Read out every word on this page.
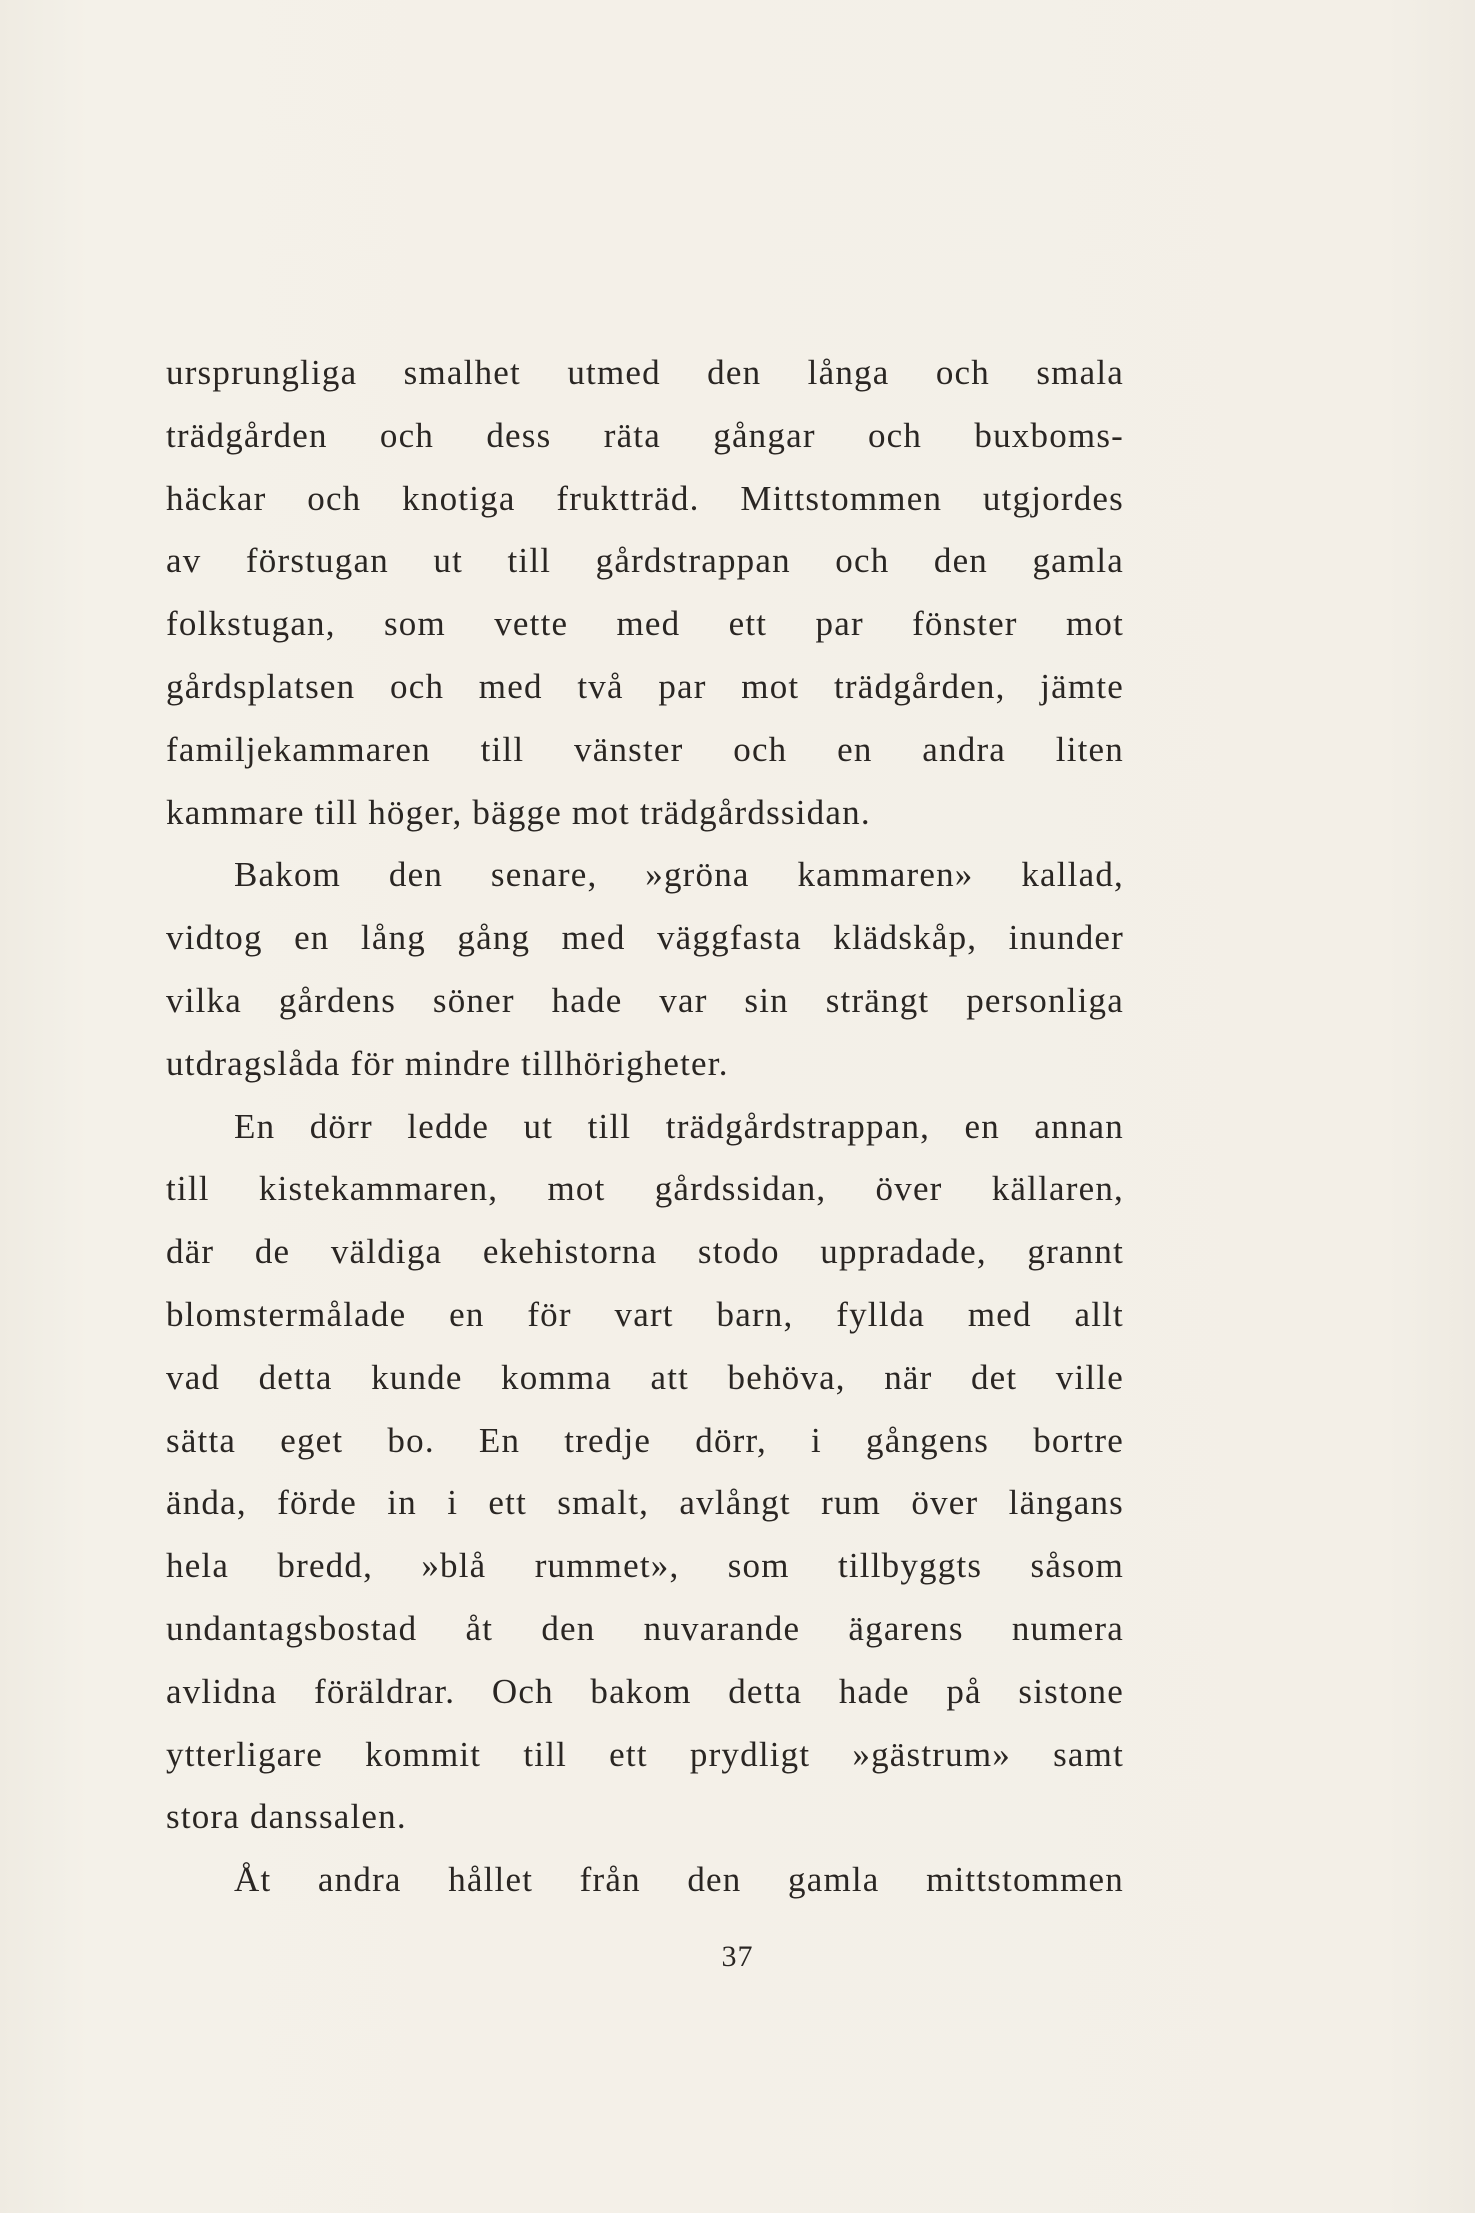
ursprungliga smalhet utmed den långa och smala
trädgården och dess räta gångar och buxboms-
häckar och knotiga fruktträd. Mittstommen utgjordes
av förstugan ut till gårdstrappan och den gamla
folkstugan, som vette med ett par fönster mot
gårdsplatsen och med två par mot trädgården, jämte
familjekammaren till vänster och en andra liten
kammare till höger, bägge mot trädgårdssidan.

Bakom den senare, »gröna kammaren» kallad,
vidtog en lång gång med väggfasta klädskåp, inunder
vilka gårdens söner hade var sin strängt personliga
utdragslåda för mindre tillhörigheter.

En dörr ledde ut till trädgårdstrappan, en annan
till kistekammaren, mot gårdssidan, över källaren,
där de väldiga ekehistorna stodo uppradade, grannt
blomstermålade en för vart barn, fyllda med allt
vad detta kunde komma att behöva, när det ville
sätta eget bo. En tredje dörr, i gångens bortre
ända, förde in i ett smalt, avlångt rum över längans
hela bredd, »blå rummet», som tillbyggts såsom
undantagsbostad åt den nuvarande ägarens numera
avlidna föräldrar. Och bakom detta hade på sistone
ytterligare kommit till ett prydligt »gästrum» samt
stora danssalen.

Åt andra hållet från den gamla mittstommen

37
